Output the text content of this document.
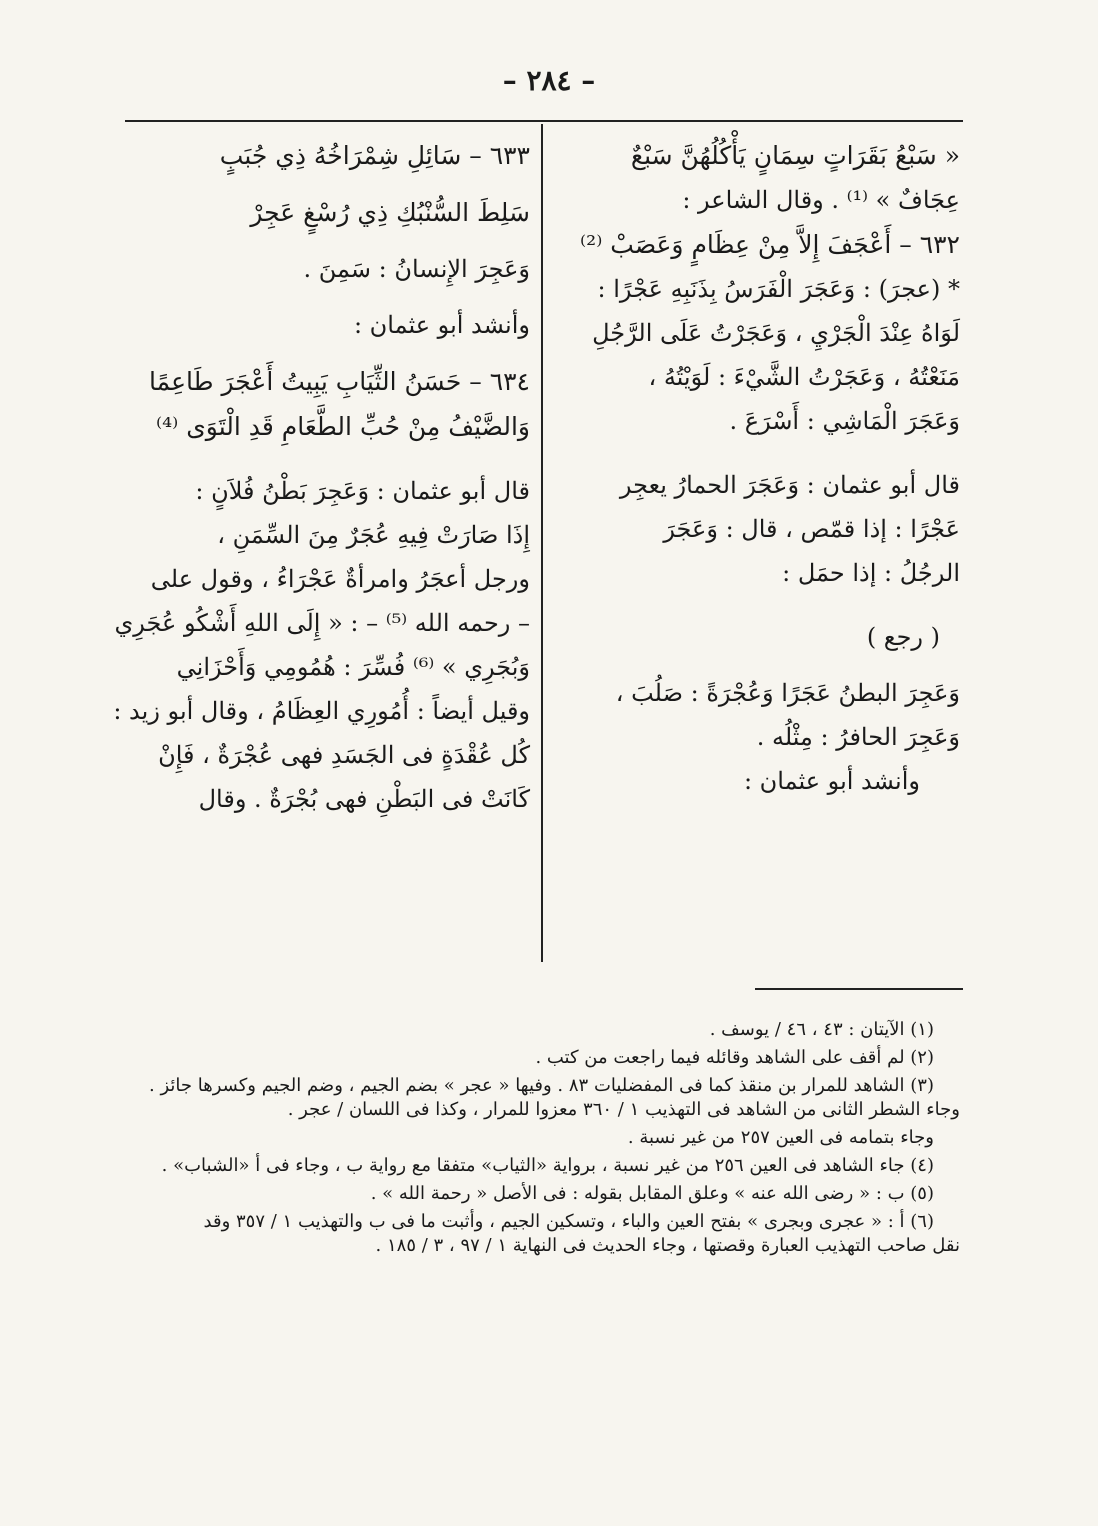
– ٢٨٤ –

« سَبْعُ بَقَرَاتٍ سِمَانٍ يَأْكُلُهُنَّ سَبْعٌ

عِجَافٌ » ⁽¹⁾ . وقال الشاعر :

٦٣٢ – أَعْجَفَ إِلاَّ مِنْ عِظَامٍ وَعَصَبْ ⁽²⁾

* (عجرَ) : وَعَجَرَ الْفَرَسُ بِذَنَبِهِ عَجْرًا :

لَوَاهُ عِنْدَ الْجَرْيِ ، وَعَجَرْتُ عَلَى الرَّجُلِ

مَنَعْتُهُ ، وَعَجَرْتُ الشَّيْءَ : لَوَيْتُهُ ،

وَعَجَرَ الْمَاشِي : أَسْرَعَ .

قال أبو عثمان : وَعَجَرَ الحمارُ يعجِر

عَجْرًا : إذا قمّص ، قال : وَعَجَرَ

الرجُلُ : إذا حمَل :

( رجع )

وَعَجِرَ البطنُ عَجَرًا وَعُجْرَةً : صَلُبَ ،

وَعَجِرَ الحافرُ : مِثْلُه .

وأنشد أبو عثمان :

٦٣٣ – سَائِلِ شِمْرَاخُهُ ذِي جُبَبٍ

سَلِطَ السُّنْبُكِ ذِي رُسْغٍ عَجِرْ

وَعَجِرَ الإِنسانُ : سَمِنَ .

وأنشد أبو عثمان :

٦٣٤ – حَسَنُ الثِّيَابِ يَبِيتُ أَعْجَرَ طَاعِمًا

وَالضَّيْفُ مِنْ حُبِّ الطَّعَامِ قَدِ الْتَوَى ⁽⁴⁾

قال أبو عثمان : وَعَجِرَ بَطْنُ فُلاَنٍ :

إِذَا صَارَتْ فِيهِ عُجَرٌ مِنَ السِّمَنِ ،

ورجل أعجَرُ وامرأةٌ عَجْرَاءُ ، وقول على

– رحمه الله ⁽⁵⁾ – : « إِلَى اللهِ أَشْكُو عُجَرِي

وَبُجَرِي » ⁽⁶⁾ فُسِّرَ : هُمُومِي وَأَحْزَانِي

وقيل أيضاً : أُمُورِي العِظَامُ ، وقال أبو زيد :

كُل عُقْدَةٍ فى الجَسَدِ فهى عُجْرَةٌ ، فَإِنْ

كَانَتْ فى البَطْنِ فهى بُجْرَةٌ . وقال

(١) الآيتان : ٤٣ ، ٤٦ / يوسف .

(٢) لم أقف على الشاهد وقائله فيما راجعت من كتب .

(٣) الشاهد للمرار بن منقذ كما فى المفضليات ٨٣ . وفيها « عجر » بضم الجيم ، وضم الجيم وكسرها جائز .

وجاء الشطر الثانى من الشاهد فى التهذيب ١ / ٣٦٠ معزوا للمرار ، وكذا فى اللسان / عجر .

وجاء بتمامه فى العين ٢٥٧ من غير نسبة .

(٤) جاء الشاهد فى العين ٢٥٦ من غير نسبة ، برواية «الثياب» متفقا مع رواية ب ، وجاء فى أ «الشباب» .

(٥) ب : « رضى الله عنه » وعلق المقابل بقوله : فى الأصل « رحمة الله » .

(٦) أ : « عجرى وبجرى » بفتح العين والباء ، وتسكين الجيم ، وأثبت ما فى ب والتهذيب ١ / ٣٥٧ وقد

نقل صاحب التهذيب العبارة وقصتها ، وجاء الحديث فى النهاية ١ / ٩٧ ، ٣ / ١٨٥ .
